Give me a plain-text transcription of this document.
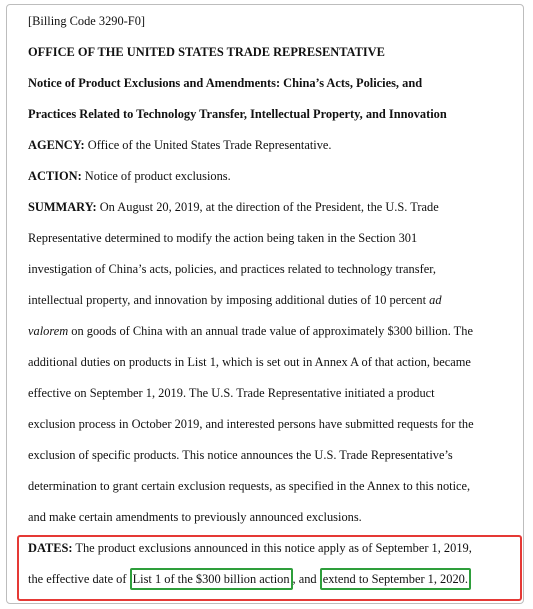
[Billing Code 3290-F0]
OFFICE OF THE UNITED STATES TRADE REPRESENTATIVE
Notice of Product Exclusions and Amendments: China’s Acts, Policies, and
Practices Related to Technology Transfer, Intellectual Property, and Innovation
AGENCY: Office of the United States Trade Representative.
ACTION: Notice of product exclusions.
SUMMARY: On August 20, 2019, at the direction of the President, the U.S. Trade
Representative determined to modify the action being taken in the Section 301
investigation of China’s acts, policies, and practices related to technology transfer,
intellectual property, and innovation by imposing additional duties of 10 percent ad
valorem on goods of China with an annual trade value of approximately $300 billion. The
additional duties on products in List 1, which is set out in Annex A of that action, became
effective on September 1, 2019. The U.S. Trade Representative initiated a product
exclusion process in October 2019, and interested persons have submitted requests for the
exclusion of specific products. This notice announces the U.S. Trade Representative’s
determination to grant certain exclusion requests, as specified in the Annex to this notice,
and make certain amendments to previously announced exclusions.
DATES: The product exclusions announced in this notice apply as of September 1, 2019,
the effective date of List 1 of the $300 billion action , and extend to September 1, 2020.
